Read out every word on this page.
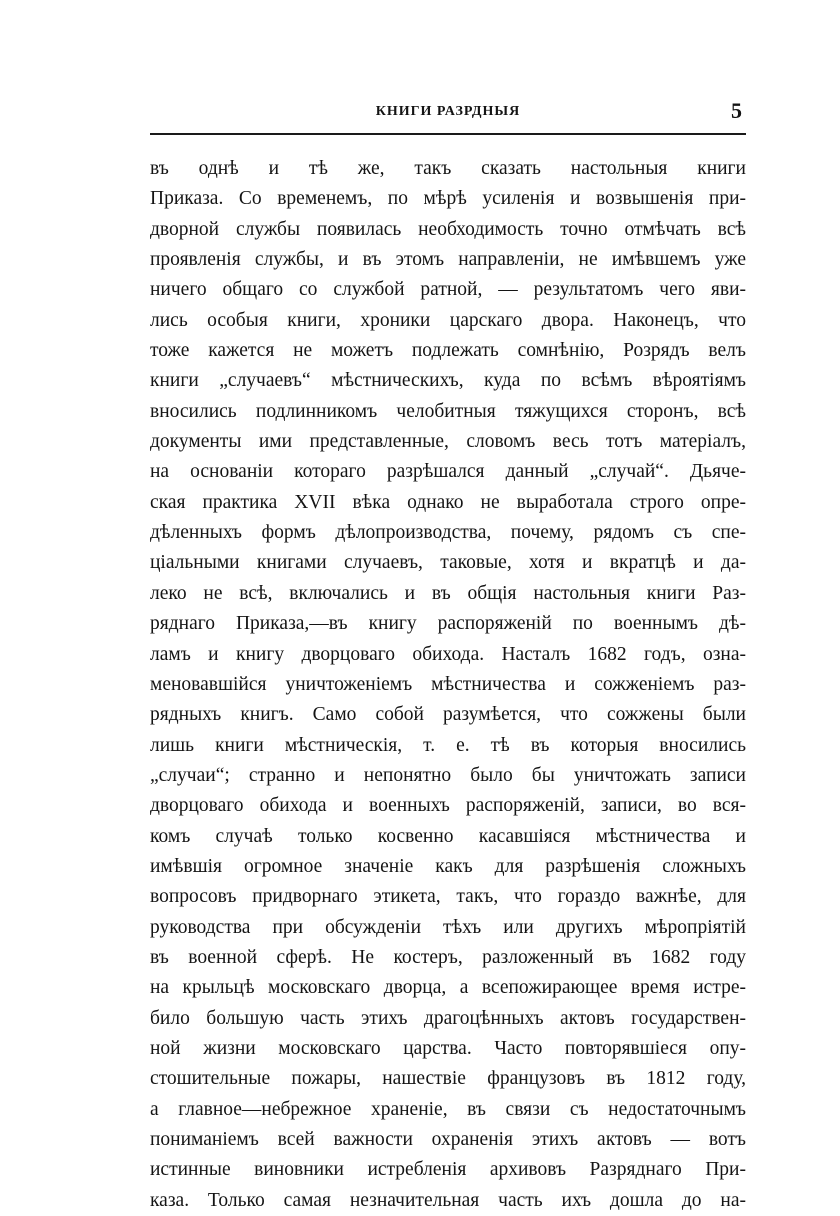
КНИГИ РАЗРДНЫЯ	5
въ однѣ и тѣ же, такъ сказать настольныя книги
Приказа. Со временемъ, по мѣрѣ усиленія и возвышенія при-
дворной службы появилась необходимость точно отмѣчать всѣ
проявленія службы, и въ этомъ направленіи, не имѣвшемъ уже
ничего общаго со службой ратной, — результатомъ чего яви-
лись особыя книги, хроники царскаго двора. Наконецъ, что
тоже кажется не можетъ подлежать сомнѣнію, Розрядъ велъ
книги „случаевъ“ мѣстническихъ, куда по всѣмъ вѣроятіямъ
вносились подлинникомъ челобитныя тяжущихся сторонъ, всѣ
документы ими представленные, словомъ весь тотъ матеріалъ,
на основаніи котораго разрѣшался данный „случай“. Дьяче-
ская практика XVII вѣка однако не выработала строго опре-
дѣленныхъ формъ дѣлопроизводства, почему, рядомъ съ спе-
ціальными книгами случаевъ, таковые, хотя и вкратцѣ и да-
леко не всѣ, включались и въ общія настольныя книги Раз-
ряднаго Приказа,—въ книгу распоряженій по военнымъ дѣ-
ламъ и книгу дворцоваго обихода. Насталъ 1682 годъ, озна-
меновавшійся уничтоженіемъ мѣстничества и сожженіемъ раз-
рядныхъ книгъ. Само собой разумѣется, что сожжены были
лишь книги мѣстническія, т. е. тѣ въ которыя вносились
„случаи“; странно и непонятно было бы уничтожать записи
дворцоваго обихода и военныхъ распоряженій, записи, во вся-
комъ случаѣ только косвенно касавшіяся мѣстничества и
имѣвшія огромное значеніе какъ для разрѣшенія сложныхъ
вопросовъ придворнаго этикета, такъ, что гораздо важнѣе, для
руководства при обсужденіи тѣхъ или другихъ мѣропріятій
въ военной сферѣ. Не костеръ, разложенный въ 1682 году
на крыльцѣ московскаго дворца, а всепожирающее время истре-
било большую часть этихъ драгоцѣнныхъ актовъ государствен-
ной жизни московскаго царства. Часто повторявшіеся опу-
стошительные пожары, нашествіе французовъ въ 1812 году,
а главное—небрежное храненіе, въ связи съ недостаточнымъ
пониманіемъ всей важности охраненія этихъ актовъ — вотъ
истинные виновники истребленія архивовъ Разряднаго При-
каза. Только самая незначительная часть ихъ дошла до на-
